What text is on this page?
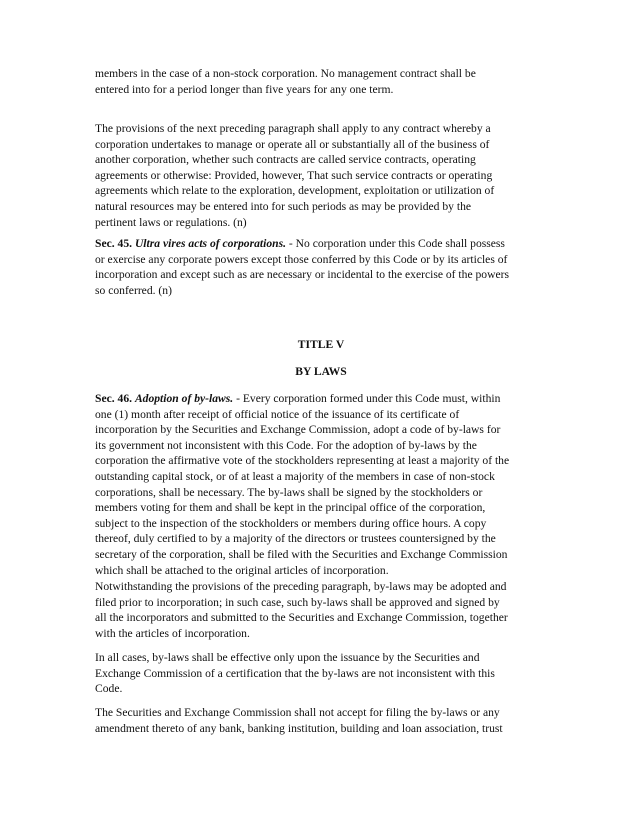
members in the case of a non-stock corporation. No management contract shall be
entered into for a period longer than five years for any one term.

The provisions of the next preceding paragraph shall apply to any contract whereby a
corporation undertakes to manage or operate all or substantially all of the business of
another corporation, whether such contracts are called service contracts, operating
agreements or otherwise: Provided, however, That such service contracts or operating
agreements which relate to the exploration, development, exploitation or utilization of
natural resources may be entered into for such periods as may be provided by the
pertinent laws or regulations. (n)

Sec. 45. Ultra vires acts of corporations. - No corporation under this Code shall possess
or exercise any corporate powers except those conferred by this Code or by its articles of
incorporation and except such as are necessary or incidental to the exercise of the powers
so conferred. (n)

TITLE V
BY LAWS

Sec. 46. Adoption of by-laws. - Every corporation formed under this Code must, within
one (1) month after receipt of official notice of the issuance of its certificate of
incorporation by the Securities and Exchange Commission, adopt a code of by-laws for
its government not inconsistent with this Code. For the adoption of by-laws by the
corporation the affirmative vote of the stockholders representing at least a majority of the
outstanding capital stock, or of at least a majority of the members in case of non-stock
corporations, shall be necessary. The by-laws shall be signed by the stockholders or
members voting for them and shall be kept in the principal office of the corporation,
subject to the inspection of the stockholders or members during office hours. A copy
thereof, duly certified to by a majority of the directors or trustees countersigned by the
secretary of the corporation, shall be filed with the Securities and Exchange Commission
which shall be attached to the original articles of incorporation.

Notwithstanding the provisions of the preceding paragraph, by-laws may be adopted and
filed prior to incorporation; in such case, such by-laws shall be approved and signed by
all the incorporators and submitted to the Securities and Exchange Commission, together
with the articles of incorporation.

In all cases, by-laws shall be effective only upon the issuance by the Securities and
Exchange Commission of a certification that the by-laws are not inconsistent with this
Code.

The Securities and Exchange Commission shall not accept for filing the by-laws or any
amendment thereto of any bank, banking institution, building and loan association, trust
